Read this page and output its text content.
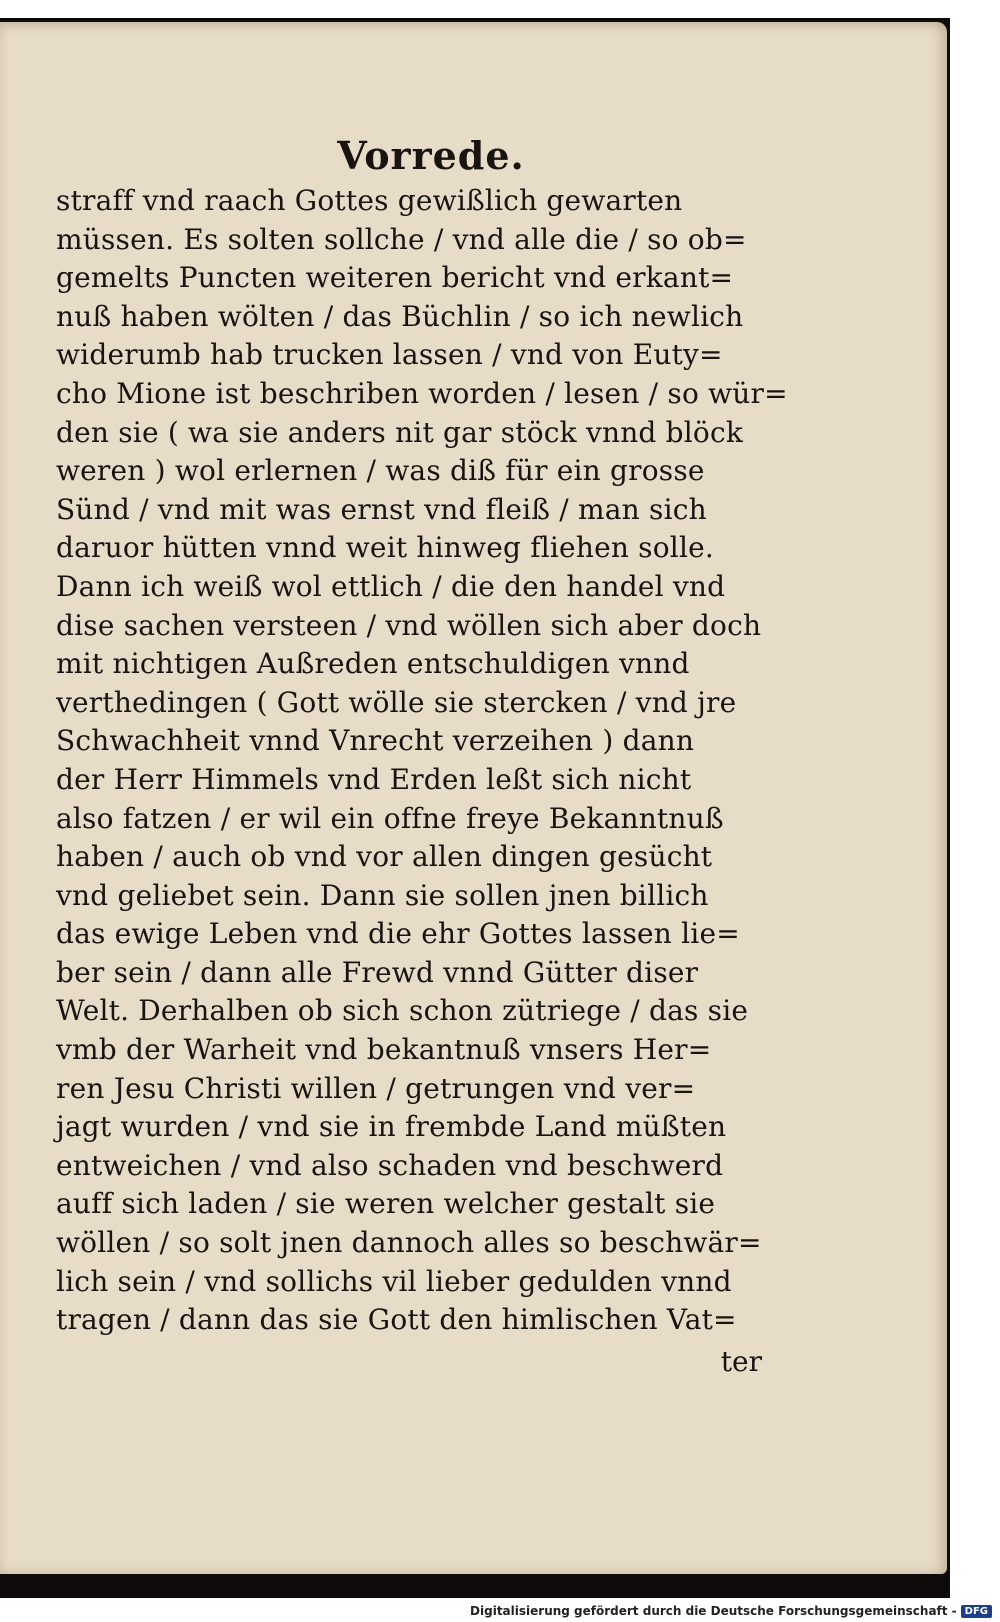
Vorrede.
straff vnd raach Gottes gewißlich gewarten
müssen. Es solten sollche / vnd alle die / so ob=
gemelts Puncten weiteren bericht vnd erkant=
nuß haben wölten / das Büchlin / so ich newlich
widerumb hab trucken lassen / vnd von Euty=
cho Mione ist beschriben worden / lesen / so wür=
den sie ( wa sie anders nit gar stöck vnnd blöck
weren ) wol erlernen / was diß für ein grosse
Sünd / vnd mit was ernst vnd fleiß / man sich
daruor hütten vnnd weit hinweg fliehen solle.
Dann ich weiß wol ettlich / die den handel vnd
dise sachen versteen / vnd wöllen sich aber doch
mit nichtigen Außreden entschuldigen vnnd
verthedingen ( Gott wölle sie stercken / vnd jre
Schwachheit vnnd Vnrecht verzeihen ) dann
der Herr Himmels vnd Erden leßt sich nicht
also fatzen / er wil ein offne freye Bekanntnuß
haben / auch ob vnd vor allen dingen gesücht
vnd geliebet sein. Dann sie sollen jnen billich
das ewige Leben vnd die ehr Gottes lassen lie=
ber sein / dann alle Frewd vnnd Gütter diser
Welt. Derhalben ob sich schon zütriege / das sie
vmb der Warheit vnd bekantnuß vnsers Her=
ren Jesu Christi willen / getrungen vnd ver=
jagt wurden / vnd sie in frembde Land müßten
entweichen / vnd also schaden vnd beschwerd
auff sich laden / sie weren welcher gestalt sie
wöllen / so solt jnen dannoch alles so beschwär=
lich sein / vnd sollichs vil lieber gedulden vnnd
tragen / dann das sie Gott den himlischen Vat=
ter
Digitalisierung gefördert durch die Deutsche Forschungsgemeinschaft - DFG
